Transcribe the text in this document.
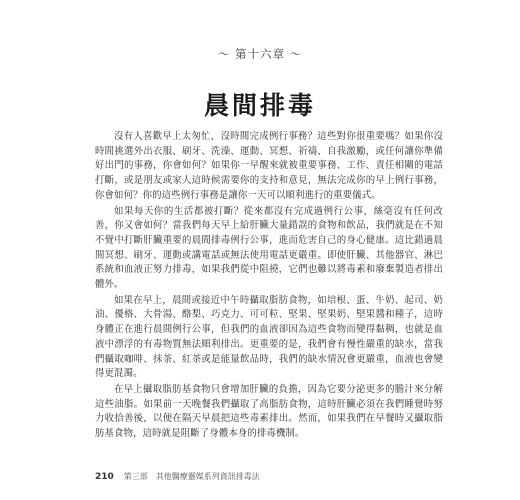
～ 第十六章 ～
晨間排毒

沒有人喜歡早上太匆忙，沒時間完成例行事務？這些對你很重要嗎？如果你沒時間挑選外出衣服、刷牙、洗澡、運動、冥想、祈禱、自我激勵，或任何讓你準備好出門的事務，你會如何？如果你一早醒來就被重要事務、工作、責任相關的電話打斷，或是朋友或家人這時候需要你的支持和意見，無法完成你的早上例行事務，你會如何？你的這些例行事務是讓你一天可以順利進行的重要儀式。

如果每天你的生活都被打斷？從來都沒有完成過例行公事，絲毫沒有任何改善，你又會如何？當我們每天早上給肝臟大量錯誤的食物和飲品，我們就是在不知不覺中打斷肝臟重要的晨間排毒例行公事，進而危害自己的身心健康。這比錯過晨間冥想、刷牙、運動或講電話或無法使用電話更嚴重。即使肝臟、其他器官、淋巴系統和血液正努力排毒，如果我們從中阻撓，它們也難以將毒素和廢棄製造者排出體外。

如果在早上，晨間或接近中午時攝取脂肪食物，如培根、蛋、牛奶、起司、奶油、優格、大骨湯、酪梨、巧克力、可可粒、堅果、堅果奶、堅果醬和種子，這時身體正在進行晨間例行公事，但我們的血液卻因為這些食物而變得黏稠，也就是血液中漂浮的有毒物質無法順利排出。更重要的是，我們會有慢性嚴重的缺水，當我們攝取咖啡、抹茶、紅茶或是能量飲品時，我們的缺水情況會更嚴重，血液也會變得更混濁。

在早上攝取脂肪基食物只會增加肝臟的負擔，因為它要分泌更多的膽汁來分解這些油脂。如果前一天晚餐我們攝取了高脂肪食物，這時肝臟必須在我們睡覺時努力收拾善後，以便在隔天早晨把這些毒素排出。然而，如果我們在早餐時又攝取脂肪基食物，這時就是阻斷了身體本身的排毒機制。

210 第三部　其他醫療靈媒系列資訊排毒法
